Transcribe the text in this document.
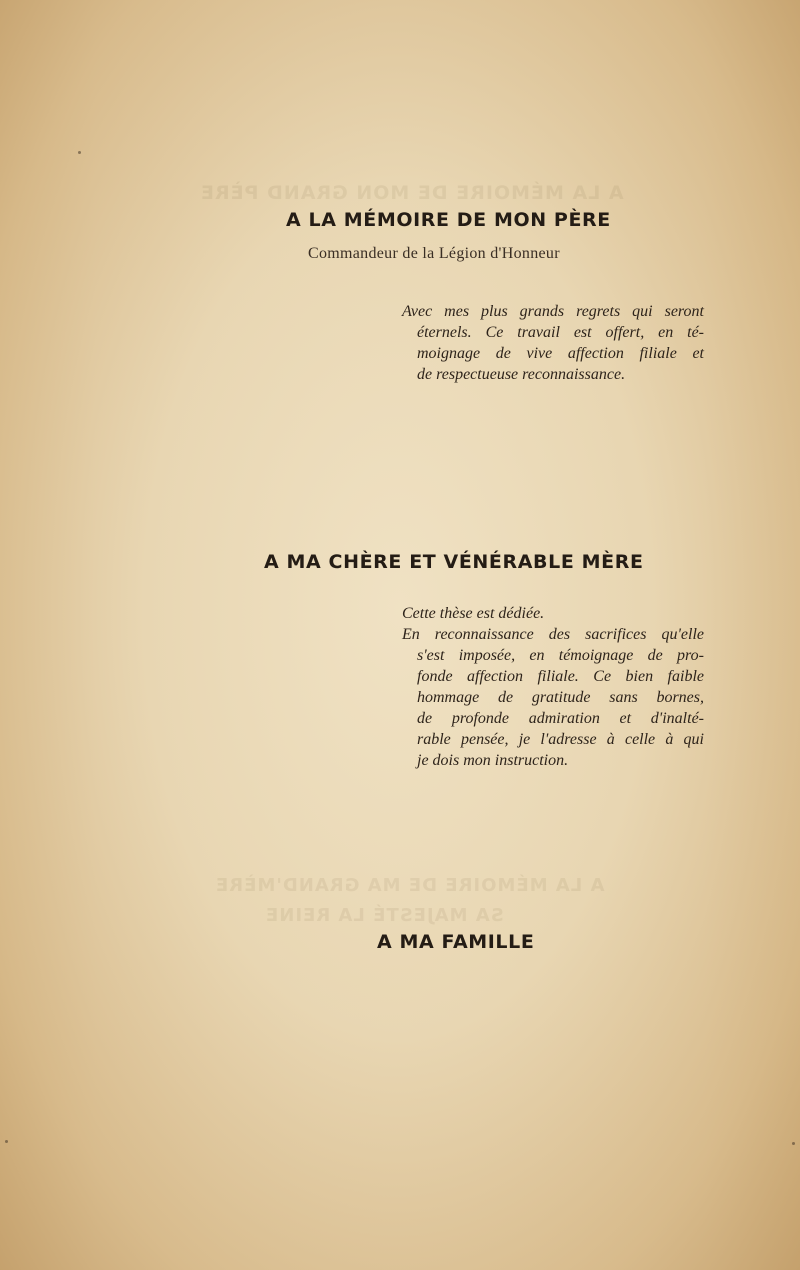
A LA MÉMOIRE DE MON GRAND PÈRE
A LA MÉMOIRE DE MA GRAND'MÈRE
SA MAJESTÉ LA REINE
A LA MÉMOIRE DE MON PÈRE

Commandeur de la Légion d'Honneur

Avec mes plus grands regrets qui seront
éternels. Ce travail est offert, en té-
moignage de vive affection filiale et
de respectueuse reconnaissance.
A MA CHÈRE ET VÉNÉRABLE MÈRE
Cette thèse est dédiée.
En reconnaissance des sacrifices qu'elle
s'est imposée, en témoignage de pro-
fonde affection filiale. Ce bien faible
hommage de gratitude sans bornes,
de profonde admiration et d'inalté-
rable pensée, je l'adresse à celle à qui
je dois mon instruction.
A MA FAMILLE
